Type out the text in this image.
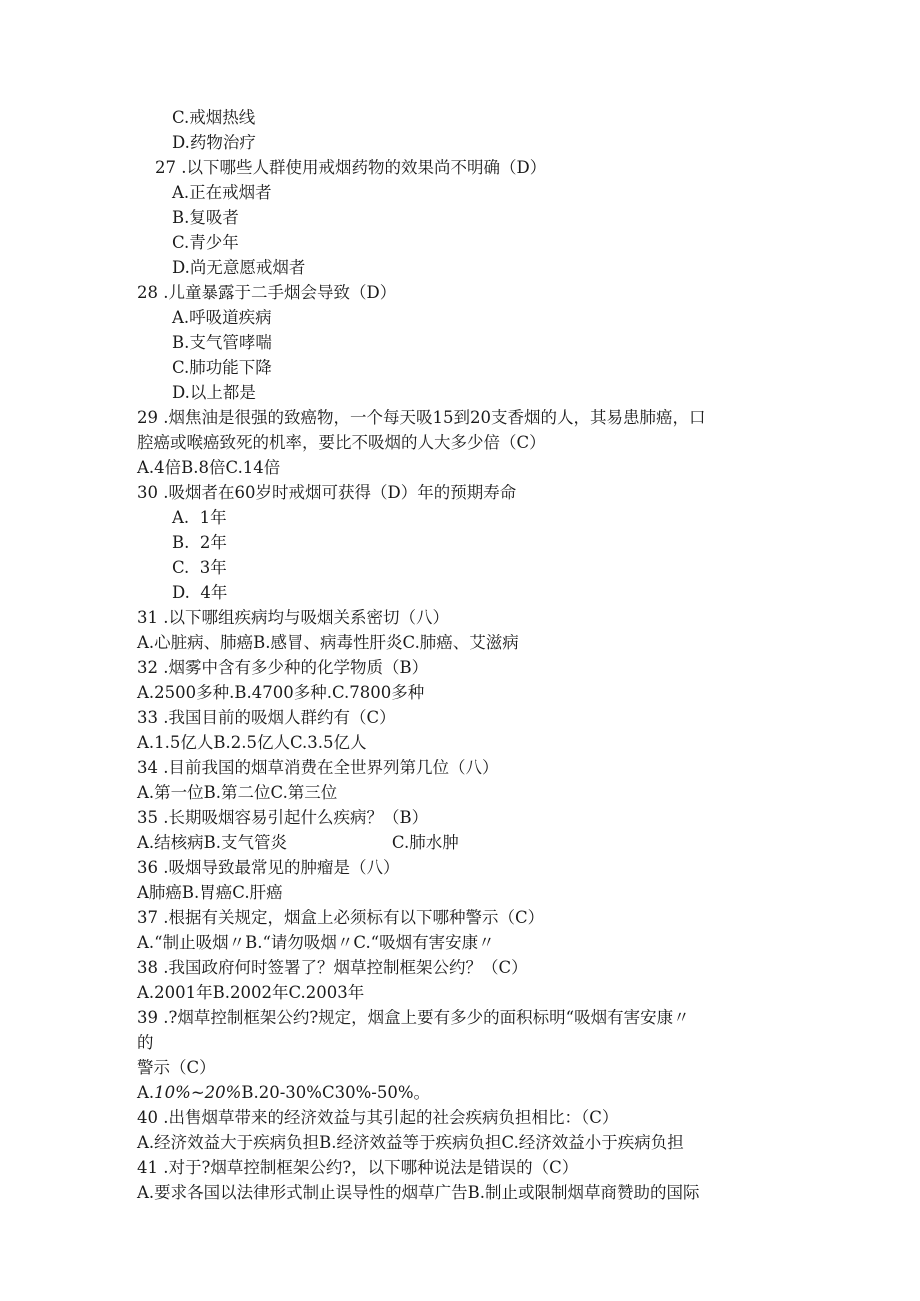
C.戒烟热线
D.药物治疗
27 .以下哪些人群使用戒烟药物的效果尚不明确（D）
A.正在戒烟者
B.复吸者
C.青少年
D.尚无意愿戒烟者
28 .儿童暴露于二手烟会导致（D）
A.呼吸道疾病
B.支气管哮喘
C.肺功能下降
D.以上都是
29 .烟焦油是很强的致癌物，一个每天吸15到20支香烟的人，其易患肺癌，口
腔癌或喉癌致死的机率，要比不吸烟的人大多少倍（C）
A.4倍B.8倍C.14倍
30 .吸烟者在60岁时戒烟可获得（D）年的预期寿命
A.  1年
B.  2年
C.  3年
D.  4年
31 .以下哪组疾病均与吸烟关系密切（八）
A.心脏病、肺癌B.感冒、病毒性肝炎C.肺癌、艾滋病
32 .烟雾中含有多少种的化学物质（B）
A.2500多种.B.4700多种.C.7800多种
33 .我国目前的吸烟人群约有（C）
A.1.5亿人B.2.5亿人C.3.5亿人
34 .目前我国的烟草消费在全世界列第几位（八）
A.第一位B.第二位C.第三位
35 .长期吸烟容易引起什么疾病？（B）
A.结核病B.支气管炎                    C.肺水肿
36 .吸烟导致最常见的肿瘤是（八）
A肺癌B.胃癌C.肝癌
37 .根据有关规定，烟盒上必须标有以下哪种警示（C）
A.“制止吸烟〃B.“请勿吸烟〃C.“吸烟有害安康〃
38 .我国政府何时签署了？烟草控制框架公约？（C）
A.2001年B.2002年C.2003年
39 .?烟草控制框架公约?规定，烟盒上要有多少的面积标明“吸烟有害安康〃
的
警示（C）
A.10%~20%B.20-30%C30%-50%。
40 .出售烟草带来的经济效益与其引起的社会疾病负担相比：（C）
A.经济效益大于疾病负担B.经济效益等于疾病负担C.经济效益小于疾病负担
41 .对于?烟草控制框架公约?，以下哪种说法是错误的（C）
A.要求各国以法律形式制止误导性的烟草广告B.制止或限制烟草商赞助的国际
